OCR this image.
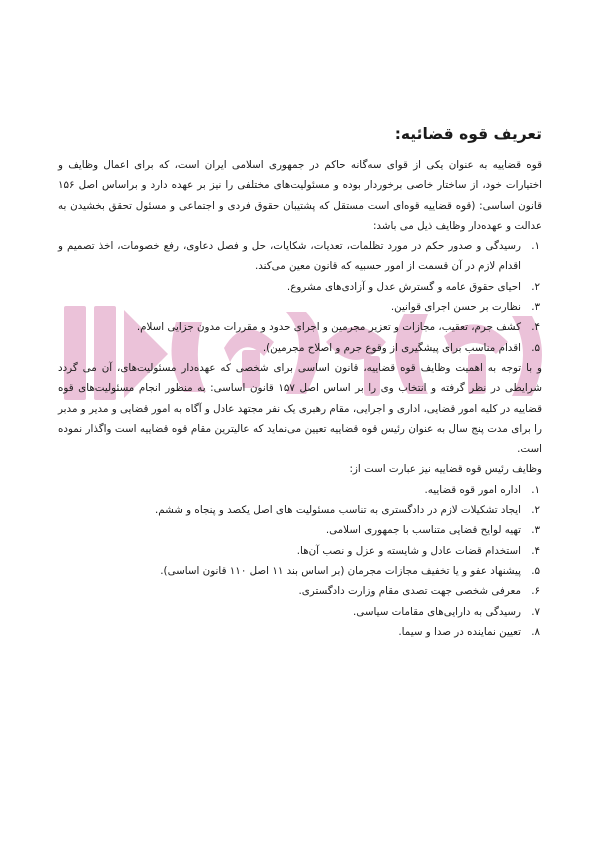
تعریف قوه قضائیه:

قوه قضاییه به عنوان یکی از قوای سه‌گانه حاکم در جمهوری اسلامی ایران است، که برای اعمال وظایف و اختیارات خود، از ساختار خاصی برخوردار بوده و مسئولیت‌های مختلفی را نیز بر عهده دارد و براساس اصل ۱۵۶ قانون اساسی: (قوه قضاییه قوه‌ای است مستقل که پشتیبان حقوق فردی و اجتماعی و مسئول تحقق بخشیدن به عدالت و عهده‌دار وظایف ذیل می باشد:

۱.
رسیدگی و صدور حکم در مورد تظلمات، تعدیات، شکایات، حل و فصل دعاوی، رفع خصومات، اخذ تصمیم و اقدام لازم در آن قسمت از امور حسبیه که قانون معین می‌کند.
۲.
احیای حقوق عامه و گسترش عدل و آزادی‌های مشروع.
۳.
نظارت بر حسن اجرای قوانین.
۴.
کشف جرم، تعقیب، مجازات و تعزیر مجرمین و اجرای حدود و مقررات مدون جزایی اسلام.
۵.
اقدام مناسب برای پیشگیری از وقوع جرم و اصلاح مجرمین).

و با توجه به اهمیت وظایف قوه قضاییه، قانون اساسی برای شخصی که عهده‌دار مسئولیت‌های، آن می گردد شرایطی در نظر گرفته و انتخاب وی را بر اساس اصل ۱۵۷ قانون اساسی: به منظور انجام مسئولیت‌های قوه قضاییه در کلیه امور قضایی، اداری و اجرایی، مقام رهبری یک نفر مجتهد عادل و آگاه به امور قضایی و مدیر و مدبر را برای مدت پنج سال به عنوان رئیس قوه قضاییه تعیین می‌نماید که عالیترین مقام قوه قضاییه است واگذار نموده است.

وظایف رئیس قوه قضاییه نیز عبارت است از:

۱.
اداره امور قوه قضاییه.
۲.
ایجاد تشکیلات لازم در دادگستری به تناسب مسئولیت های اصل یکصد و پنجاه و ششم.
۳.
تهیه لوایح قضایی متناسب با جمهوری اسلامی.
۴.
استخدام قضات عادل و شایسته و عزل و نصب آن‌ها.
۵.
پیشنهاد عفو و یا تخفیف مجازات مجرمان (بر اساس بند ۱۱ اصل ۱۱۰ قانون اساسی).
۶.
معرفی شخصی جهت تصدی مقام وزارت دادگستری.
۷.
رسیدگی به دارایی‌های مقامات سیاسی.
۸.
تعیین نماینده در صدا و سیما.
